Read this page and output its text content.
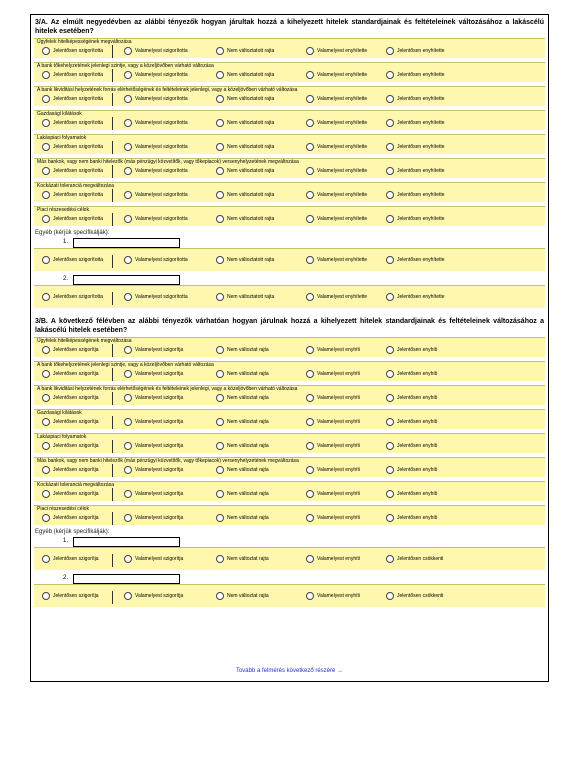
3/A. Az elmúlt negyedévben az alábbi tényezők hogyan járultak hozzá a kihelyezett hitelek standardjainak és feltételeinek változásához a lakáscélú hitelek esetében?
Ügyfelek hitelképességének megváltozása
Jelentősen szigorította	Valamelyest szigorította	Nem változtatott rajta	Valamelyest enyhítette	Jelentősen enyhítette
A bank tőkehelyzetének jelenlegi szintje, vagy a közeljövőben várható változása
Jelentősen szigorította	Valamelyest szigorította	Nem változtatott rajta	Valamelyest enyhítette	Jelentősen enyhítette
A bank likviditási helyzetének forrás elérhetőségének és feltételeinek jelenlegi, vagy a közeljövőben várható változása
Jelentősen szigorította	Valamelyest szigorította	Nem változtatott rajta	Valamelyest enyhítette	Jelentősen enyhítette
Gazdasági kilátások
Jelentősen szigorította	Valamelyest szigorította	Nem változtatott rajta	Valamelyest enyhítette	Jelentősen enyhítette
Lakáspiaci folyamatok
Jelentősen szigorította	Valamelyest szigorította	Nem változtatott rajta	Valamelyest enyhítette	Jelentősen enyhítette
Más bankok, vagy nem banki hitelezők (más pénzügyi közvetítők, vagy tőkepiacok) versenyhelyzetének megváltozása
Jelentősen szigorította	Valamelyest szigorította	Nem változtatott rajta	Valamelyest enyhítette	Jelentősen enyhítette
Kockázati toleranciá megváltozása
Jelentősen szigorította	Valamelyest szigorította	Nem változtatott rajta	Valamelyest enyhítette	Jelentősen enyhítette
Piaci részesedési célok
Jelentősen szigorította	Valamelyest szigorította	Nem változtatott rajta	Valamelyest enyhítette	Jelentősen enyhítette
Egyéb (kérjük specifikálják):
1.
Jelentősen szigorította	Valamelyest szigorította	Nem változtatott rajta	Valamelyest enyhítette	Jelentősen enyhítette
2.
Jelentősen szigorította	Valamelyest szigorította	Nem változtatott rajta	Valamelyest enyhítette	Jelentősen enyhítette
3/B. A következő félévben az alábbi tényezők várhatóan hogyan járulnak hozzá a kihelyezett hitelek standardjainak és feltételeinek változásához a lakáscélú hitelek esetében?
Ügyfelek hitelképességének megváltozása
Jelentősen szigorítja	Valamelyest szigorítja	Nem változtat rajta	Valamelyest enyhíti	Jelentősen enyhíti
A bank tőkehelyzetének jelenlegi szintje, vagy a közeljövőben várható változása
Jelentősen szigorítja	Valamelyest szigorítja	Nem változtat rajta	Valamelyest enyhíti	Jelentősen enyhíti
A bank likviditási helyzetének forrás elérhetőségének és feltételeinek jelenlegi, vagy a közeljövőben várható változása
Jelentősen szigorítja	Valamelyest szigorítja	Nem változtat rajta	Valamelyest enyhíti	Jelentősen enyhíti
Gazdasági kilátások
Jelentősen szigorítja	Valamelyest szigorítja	Nem változtat rajta	Valamelyest enyhíti	Jelentősen enyhíti
Lakáspiaci folyamatok
Jelentősen szigorítja	Valamelyest szigorítja	Nem változtat rajta	Valamelyest enyhíti	Jelentősen enyhíti
Más bankok, vagy nem banki hitelezők (más pénzügyi közvetítők, vagy tőkepiacok) versenyhelyzetének megváltozása
Jelentősen szigorítja	Valamelyest szigorítja	Nem változtat rajta	Valamelyest enyhíti	Jelentősen enyhíti
Kockázati toleranciá megváltozása
Jelentősen szigorítja	Valamelyest szigorítja	Nem változtat rajta	Valamelyest enyhíti	Jelentősen enyhíti
Piaci részesedési célok
Jelentősen szigorítja	Valamelyest szigorítja	Nem változtat rajta	Valamelyest enyhíti	Jelentősen enyhíti
Egyéb (kérjük specifikálják):
1.
Jelentősen szigorítja	Valamelyest szigorítja	Nem változtat rajta	Valamelyest enyhíti	Jelentősen csökkenti
2.
Jelentősen szigorítja	Valamelyest szigorítja	Nem változtat rajta	Valamelyest enyhíti	Jelentősen csökkenti
Tovább a felmérés következő részére →
